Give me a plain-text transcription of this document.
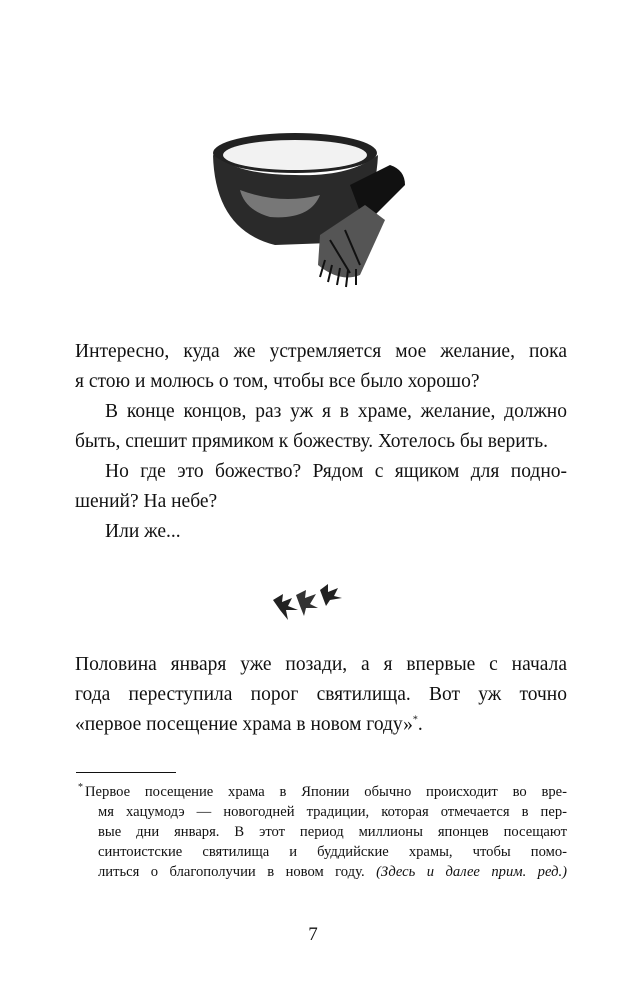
Интересно, куда же устремляется мое желание, пока
я стою и молюсь о том, чтобы все было хорошо?
В конце концов, раз уж я в храме, желание, должно
быть, спешит прямиком к божеству. Хотелось бы верить.
Но где это божество? Рядом с ящиком для подно-
шений? На небе?
Или же...
Половина января уже позади, а я впервые с начала
года переступила порог святилища. Вот уж точно
«первое посещение храма в новом году»*.
* Первое посещение храма в Японии обычно происходит во вре-
мя хацумодэ — новогодней традиции, которая отмечается в пер-
вые дни января. В этот период миллионы японцев посещают
синтоистские святилища и буддийские храмы, чтобы помо-
литься о благополучии в новом году. (Здесь и далее прим. ред.)
7
